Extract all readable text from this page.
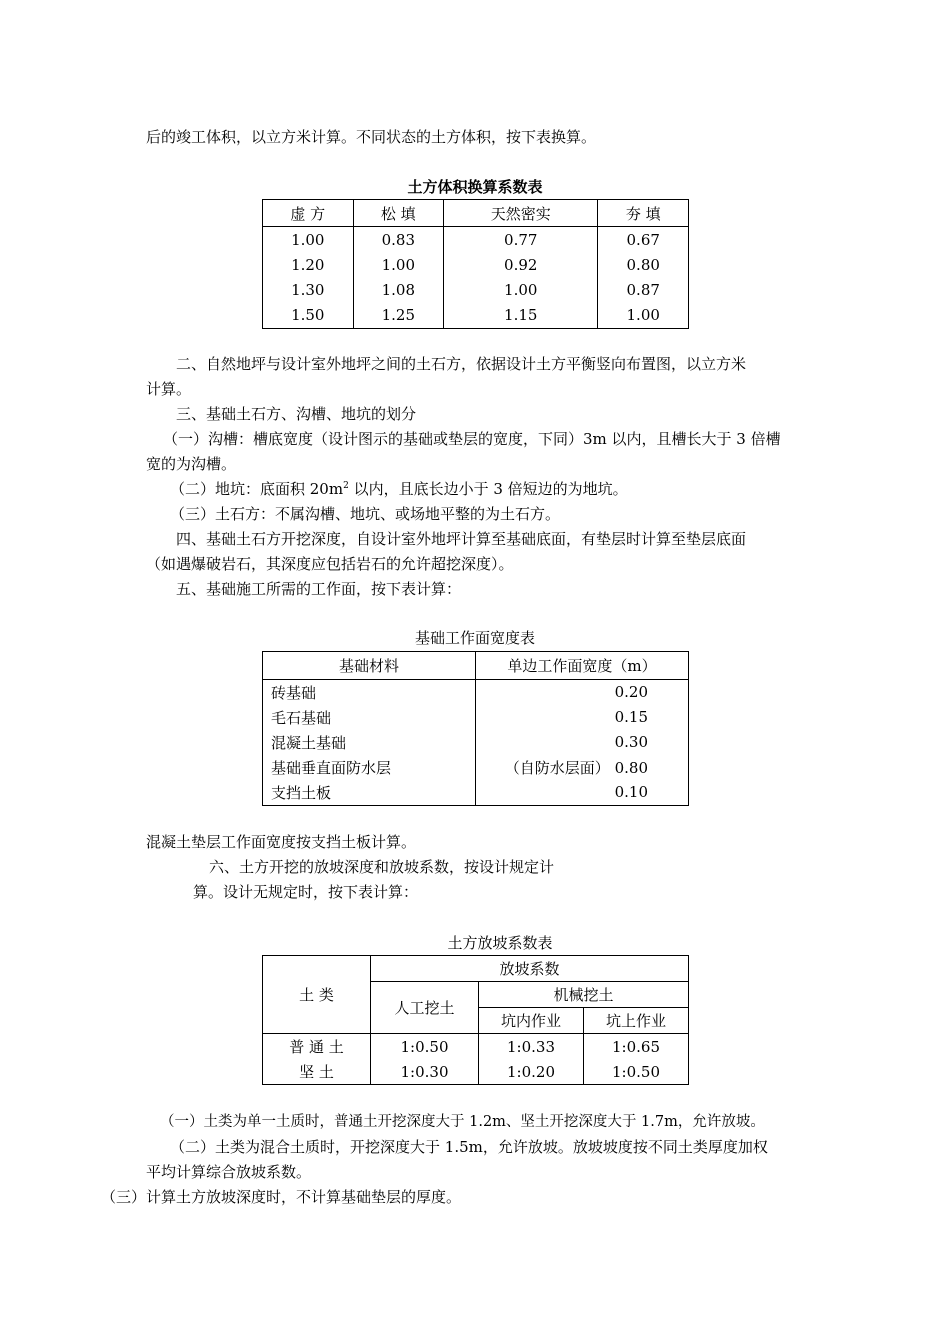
后的竣工体积，以立方米计算。不同状态的土方体积，按下表换算。
土方体积换算系数表
虚 方	松 填	天然密实	夯 填
1.00	0.83	0.77	0.67
1.20	1.00	0.92	0.80
1.30	1.08	1.00	0.87
1.50	1.25	1.15	1.00
二、自然地坪与设计室外地坪之间的土石方，依据设计土方平衡竖向布置图，以立方米
计算。
三、基础土石方、沟槽、地坑的划分
（一）沟槽：槽底宽度（设计图示的基础或垫层的宽度，下同）3m 以内，且槽长大于 3 倍槽
宽的为沟槽。
（二）地坑：底面积 $20m^2$ 以内，且底长边小于 3 倍短边的为地坑。
（三）土石方：不属沟槽、地坑、或场地平整的为土石方。
四、基础土石方开挖深度，自设计室外地坪计算至基础底面，有垫层时计算至垫层底面
（如遇爆破岩石，其深度应包括岩石的允许超挖深度）。
五、基础施工所需的工作面，按下表计算：
基础工作面宽度表
基础材料	单边工作面宽度（m）
砖基础	0.20
毛石基础	0.15
混凝土基础	0.30
基础垂直面防水层	（自防水层面） 0.80
支挡土板	0.10
混凝土垫层工作面宽度按支挡土板计算。
六、土方开挖的放坡深度和放坡系数，按设计规定计
算。设计无规定时，按下表计算：
土方放坡系数表
土 类	放坡系数		
	人工挖土	机械挖土	
		坑内作业	坑上作业
普 通 土	1:0.50	1:0.33	1:0.65
坚 土	1:0.30	1:0.20	1:0.50
（一）土类为单一土质时，普通土开挖深度大于 1.2m、坚土开挖深度大于 1.7m，允许放坡。
（二）土类为混合土质时，开挖深度大于 1.5m，允许放坡。放坡坡度按不同土类厚度加权
平均计算综合放坡系数。
（三）计算土方放坡深度时，不计算基础垫层的厚度。
